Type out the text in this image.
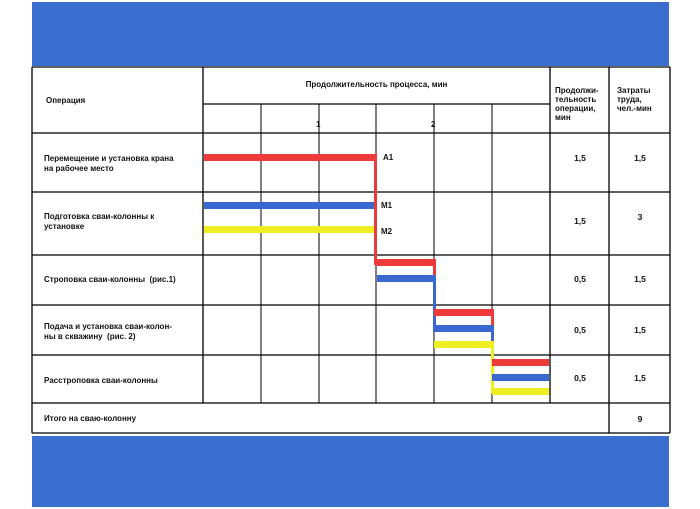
Операция
Продолжительность процесса, мин
1	2
Продолжи-
тельность
операции,
мин
Затраты
труда,
чел.-мин
Перемещение и установка крана
на рабочее место
Подготовка сваи-колонны к
установке
Строповка сваи-колонны  (рис.1)
Подача и установка сваи-колон-
ны в скважину  (рис. 2)
Расстроповка сваи-колонны
Итого на сваю-колонну
1,5
1,5
0,5
0,5
0,5
1,5
3
1,5
1,5
1,5
9
А1
М1
М2
